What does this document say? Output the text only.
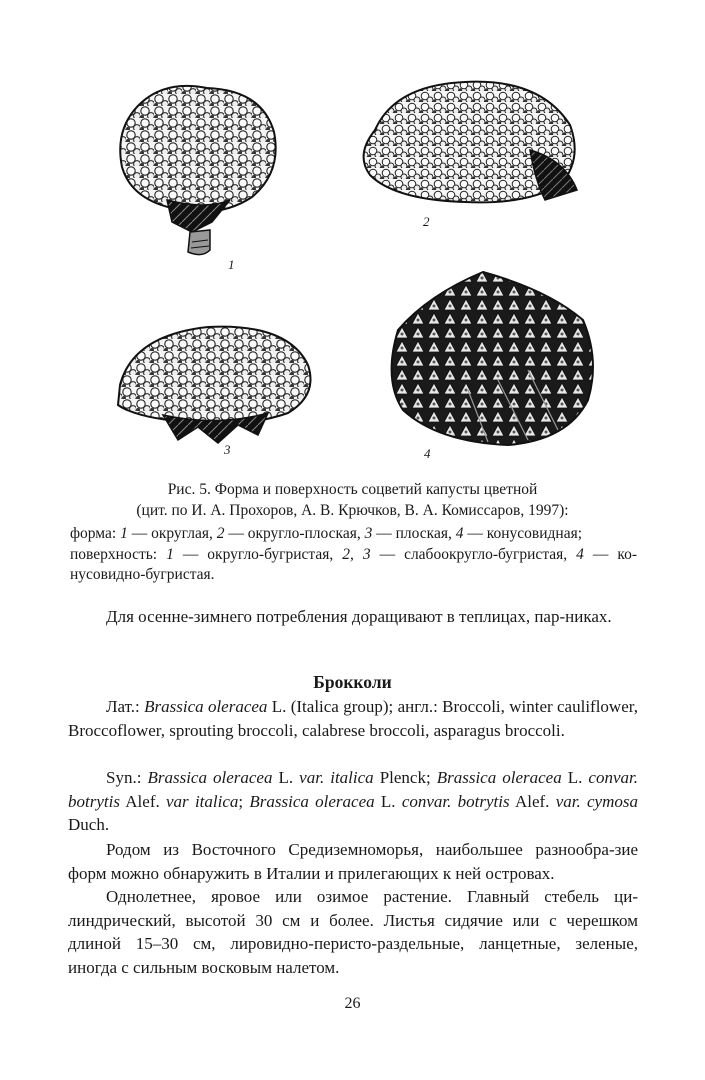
1
2
3	4
Рис. 5. Форма и поверхность соцветий капусты цветной
(цит. по И. А. Прохоров, А. В. Крючков, В. А. Комиссаров, 1997):
форма: 1 — округлая, 2 — округло-плоская, 3 — плоская, 4 — конусовидная;
поверхность: 1 — округло-бугристая, 2, 3 — слабоокругло-бугристая, 4 — ко-нусовидно-бугристая.
Для осенне-зимнего потребления доращивают в теплицах, пар-никах.
Брокколи
Лат.: Brassica oleracea L. (Italica group); англ.: Broccoli, winter cauliflower, Broccoflower, sprouting broccoli, calabrese broccoli, asparagus broccoli.
Syn.: Brassica oleracea L. var. italica Plenck; Brassica oleracea L. convar. botrytis Alef. var italica; Brassica oleracea L. convar. botrytis Alef. var. cymosa Duch.
Родом из Восточного Средиземноморья, наибольшее разнообра-зие форм можно обнаружить в Италии и прилегающих к ней островах.
Однолетнее, яровое или озимое растение. Главный стебель ци-линдрический, высотой 30 см и более. Листья сидячие или с черешком длиной 15–30 см, лировидно-перисто-раздельные, ланцетные, зеленые, иногда с сильным восковым налетом.
26
